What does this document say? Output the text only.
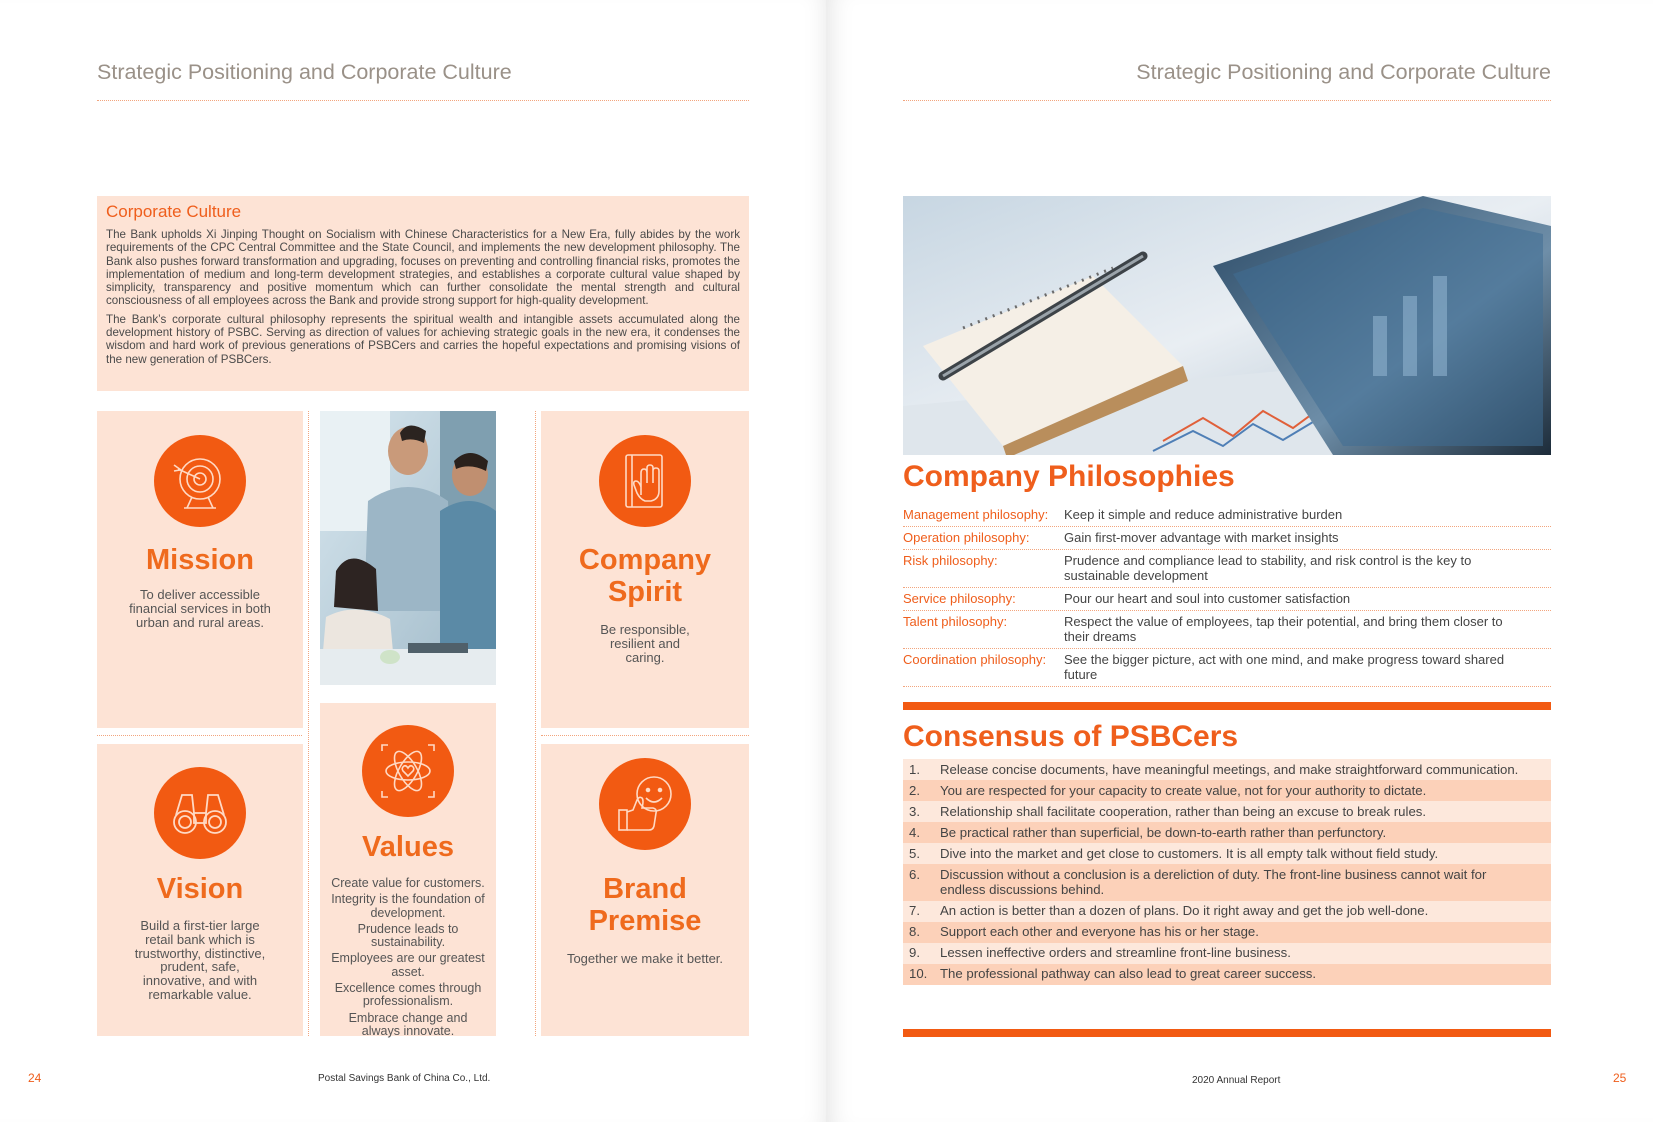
Strategic Positioning and Corporate Culture
Corporate Culture

The Bank upholds Xi Jinping Thought on Socialism with Chinese Characteristics for a New Era, fully abides by the work requirements of the CPC Central Committee and the State Council, and implements the new development philosophy. The Bank also pushes forward transformation and upgrading, focuses on preventing and controlling financial risks, promotes the implementation of medium and long-term development strategies, and establishes a corporate cultural value shaped by simplicity, transparency and positive momentum which can further consolidate the mental strength and cultural consciousness of all employees across the Bank and provide strong support for high-quality development.

The Bank’s corporate cultural philosophy represents the spiritual wealth and intangible assets accumulated along the development history of PSBC. Serving as direction of values for achieving strategic goals in the new era, it condenses the wisdom and hard work of previous generations of PSBCers and carries the hopeful expectations and promising visions of the new generation of PSBCers.

Mission
To deliver accessible financial services in both urban and rural areas.
Company
Spirit
Be responsible, resilient and caring.
Vision
Build a first-tier large retail bank which is trustworthy, distinctive, prudent, safe, innovative, and with remarkable value.
Values
Create value for customers.
Integrity is the foundation of development.
Prudence leads to sustainability.
Employees are our greatest asset.
Excellence comes through professionalism.
Embrace change and always innovate.
Brand
Premise
Together we make it better.
24	Postal Savings Bank of China Co., Ltd.
Strategic Positioning and Corporate Culture
Company Philosophies
Management philosophy:	Keep it simple and reduce administrative burden
Operation philosophy:	Gain first-mover advantage with market insights
Risk philosophy:	Prudence and compliance lead to stability, and risk control is the key to sustainable development
Service philosophy:	Pour our heart and soul into customer satisfaction
Talent philosophy:	Respect the value of employees, tap their potential, and bring them closer to their dreams
Coordination philosophy:	See the bigger picture, act with one mind, and make progress toward shared future
Consensus of PSBCers
1.	Release concise documents, have meaningful meetings, and make straightforward communication.
2.	You are respected for your capacity to create value, not for your authority to dictate.
3.	Relationship shall facilitate cooperation, rather than being an excuse to break rules.
4.	Be practical rather than superficial, be down-to-earth rather than perfunctory.
5.	Dive into the market and get close to customers. It is all empty talk without field study.
6.	Discussion without a conclusion is a dereliction of duty. The front-line business cannot wait for endless discussions behind.
7.	An action is better than a dozen of plans. Do it right away and get the job well-done.
8.	Support each other and everyone has his or her stage.
9.	Lessen ineffective orders and streamline front-line business.
10. The professional pathway can also lead to great career success.
2020 Annual Report	25
